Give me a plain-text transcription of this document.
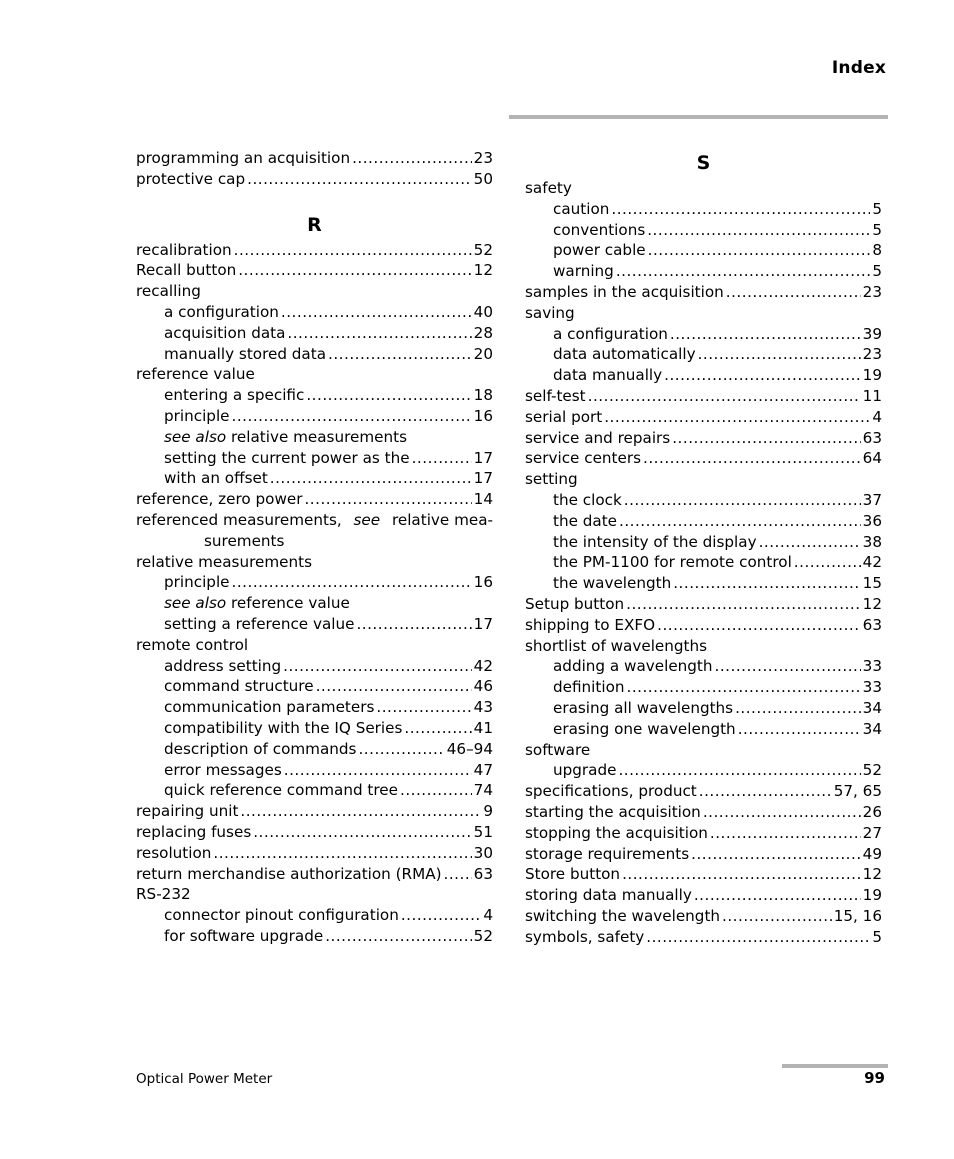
Index
programming an acquisition .....	23
protective cap .....	50
R
recalibration .....	52
Recall button .....	12
recalling
a configuration .....	40
acquisition data .....	28
manually stored data .....	20
reference value
entering a specific .....	18
principle .....	16
see also relative measurements
setting the current power as the .....	17
with an offset .....	17
reference, zero power .....	14
referenced measurements, see relative mea-
surements
relative measurements
principle .....	16
see also reference value
setting a reference value .....	17
remote control
address setting .....	42
command structure .....	46
communication parameters .....	43
compatibility with the IQ Series .....	41
description of commands .....	46–94
error messages .....	47
quick reference command tree .....	74
repairing unit .....	9
replacing fuses .....	51
resolution .....	30
return merchandise authorization (RMA) ..... 63
RS-232
connector pinout configuration .....	4
for software upgrade .....	52
S
safety
caution .....	5
conventions .....	5
power cable .....	8
warning .....	5
samples in the acquisition .....	23
saving
a configuration .....	39
data automatically .....	23
data manually .....	19
self-test .....	11
serial port .....	4
service and repairs .....	63
service centers .....	64
setting
the clock .....	37
the date .....	36
the intensity of the display .....	38
the PM-1100 for remote control .....	42
the wavelength .....	15
Setup button .....	12
shipping to EXFO .....	63
shortlist of wavelengths
adding a wavelength .....	33
definition .....	33
erasing all wavelengths .....	34
erasing one wavelength .....	34
software
upgrade .....	52
specifications, product .....	57, 65
starting the acquisition .....	26
stopping the acquisition .....	27
storage requirements .....	49
Store button .....	12
storing data manually .....	19
switching the wavelength .....	15, 16
symbols, safety .....	5
Optical Power Meter	99
